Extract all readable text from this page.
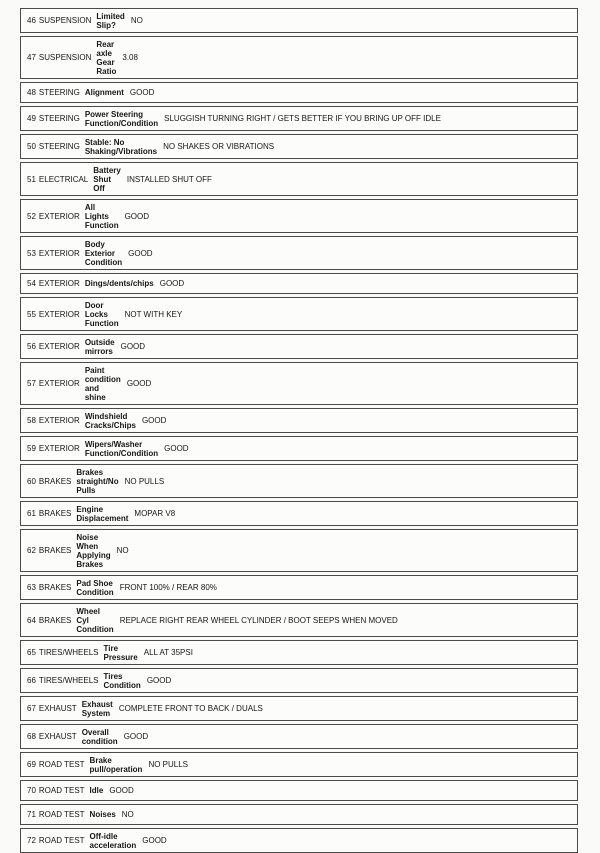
46	SUSPENSION	Limited Slip?	NO
47	SUSPENSION	Rear axle Gear Ratio	3.08
48	STEERING	Alignment	GOOD
49	STEERING	Power Steering Function/Condition	SLUGGISH TURNING RIGHT / GETS BETTER IF YOU BRING UP OFF IDLE
50	STEERING	Stable: No Shaking/Vibrations	NO SHAKES OR VIBRATIONS
51	ELECTRICAL	Battery Shut Off	INSTALLED SHUT OFF
52	EXTERIOR	All Lights Function	GOOD
53	EXTERIOR	Body Exterior Condition	GOOD
54	EXTERIOR	Dings/dents/chips	GOOD
55	EXTERIOR	Door Locks Function	NOT WITH KEY
56	EXTERIOR	Outside mirrors	GOOD
57	EXTERIOR	Paint condition and shine	GOOD
58	EXTERIOR	Windshield Cracks/Chips	GOOD
59	EXTERIOR	Wipers/Washer Function/Condition	GOOD
60	BRAKES	Brakes straight/No Pulls	NO PULLS
61	BRAKES	Engine Displacement	MOPAR V8
62	BRAKES	Noise When Applying Brakes	NO
63	BRAKES	Pad Shoe Condition	FRONT 100% / REAR 80%
64	BRAKES	Wheel Cyl Condition	REPLACE RIGHT REAR WHEEL CYLINDER / BOOT SEEPS WHEN MOVED
65	TIRES/WHEELS	Tire Pressure	ALL AT 35PSI
66	TIRES/WHEELS	Tires Condition	GOOD
67	EXHAUST	Exhaust System	COMPLETE FRONT TO BACK / DUALS
68	EXHAUST	Overall condition	GOOD
69	ROAD TEST	Brake pull/operation	NO PULLS
70	ROAD TEST	Idle	GOOD
71	ROAD TEST	Noises	NO
72	ROAD TEST	Off-idle acceleration	GOOD
